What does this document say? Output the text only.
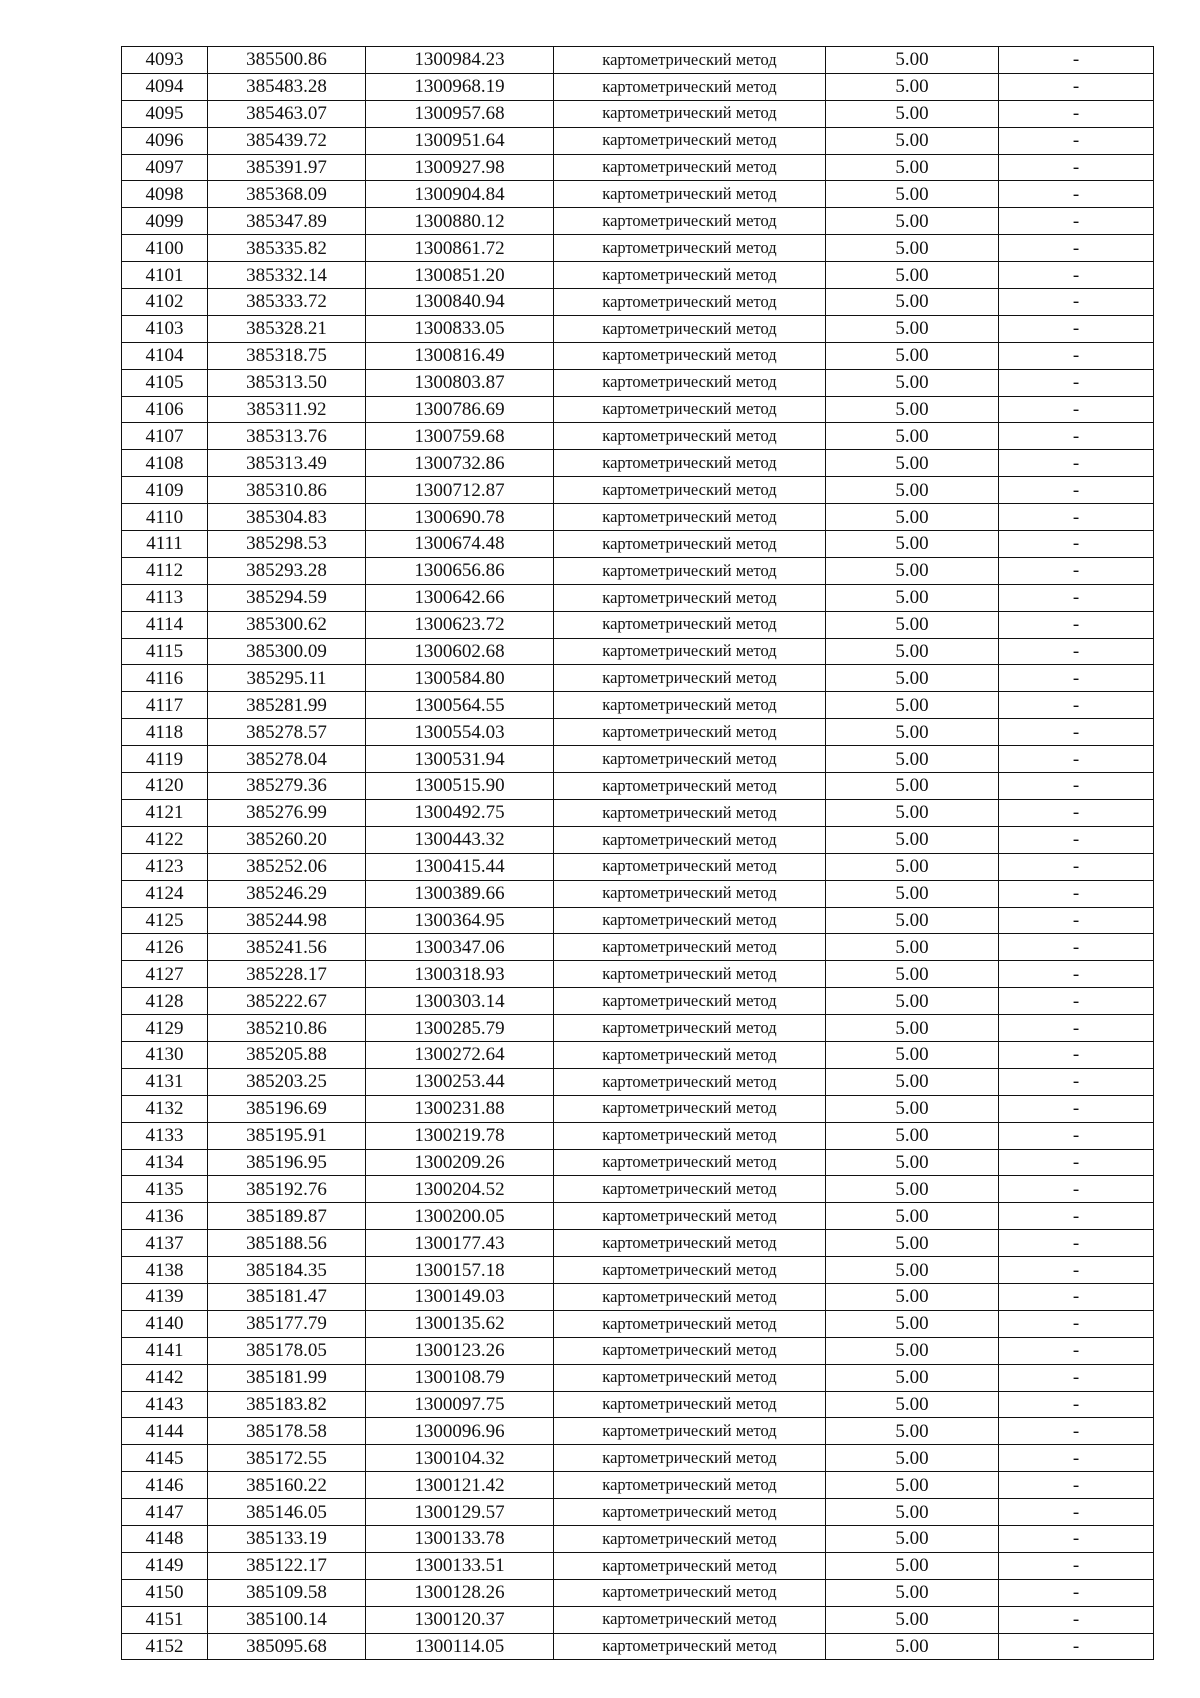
4093	385500.86	1300984.23	картометрический метод	5.00	-
4094	385483.28	1300968.19	картометрический метод	5.00	-
4095	385463.07	1300957.68	картометрический метод	5.00	-
4096	385439.72	1300951.64	картометрический метод	5.00	-
4097	385391.97	1300927.98	картометрический метод	5.00	-
4098	385368.09	1300904.84	картометрический метод	5.00	-
4099	385347.89	1300880.12	картометрический метод	5.00	-
4100	385335.82	1300861.72	картометрический метод	5.00	-
4101	385332.14	1300851.20	картометрический метод	5.00	-
4102	385333.72	1300840.94	картометрический метод	5.00	-
4103	385328.21	1300833.05	картометрический метод	5.00	-
4104	385318.75	1300816.49	картометрический метод	5.00	-
4105	385313.50	1300803.87	картометрический метод	5.00	-
4106	385311.92	1300786.69	картометрический метод	5.00	-
4107	385313.76	1300759.68	картометрический метод	5.00	-
4108	385313.49	1300732.86	картометрический метод	5.00	-
4109	385310.86	1300712.87	картометрический метод	5.00	-
4110	385304.83	1300690.78	картометрический метод	5.00	-
4111	385298.53	1300674.48	картометрический метод	5.00	-
4112	385293.28	1300656.86	картометрический метод	5.00	-
4113	385294.59	1300642.66	картометрический метод	5.00	-
4114	385300.62	1300623.72	картометрический метод	5.00	-
4115	385300.09	1300602.68	картометрический метод	5.00	-
4116	385295.11	1300584.80	картометрический метод	5.00	-
4117	385281.99	1300564.55	картометрический метод	5.00	-
4118	385278.57	1300554.03	картометрический метод	5.00	-
4119	385278.04	1300531.94	картометрический метод	5.00	-
4120	385279.36	1300515.90	картометрический метод	5.00	-
4121	385276.99	1300492.75	картометрический метод	5.00	-
4122	385260.20	1300443.32	картометрический метод	5.00	-
4123	385252.06	1300415.44	картометрический метод	5.00	-
4124	385246.29	1300389.66	картометрический метод	5.00	-
4125	385244.98	1300364.95	картометрический метод	5.00	-
4126	385241.56	1300347.06	картометрический метод	5.00	-
4127	385228.17	1300318.93	картометрический метод	5.00	-
4128	385222.67	1300303.14	картометрический метод	5.00	-
4129	385210.86	1300285.79	картометрический метод	5.00	-
4130	385205.88	1300272.64	картометрический метод	5.00	-
4131	385203.25	1300253.44	картометрический метод	5.00	-
4132	385196.69	1300231.88	картометрический метод	5.00	-
4133	385195.91	1300219.78	картометрический метод	5.00	-
4134	385196.95	1300209.26	картометрический метод	5.00	-
4135	385192.76	1300204.52	картометрический метод	5.00	-
4136	385189.87	1300200.05	картометрический метод	5.00	-
4137	385188.56	1300177.43	картометрический метод	5.00	-
4138	385184.35	1300157.18	картометрический метод	5.00	-
4139	385181.47	1300149.03	картометрический метод	5.00	-
4140	385177.79	1300135.62	картометрический метод	5.00	-
4141	385178.05	1300123.26	картометрический метод	5.00	-
4142	385181.99	1300108.79	картометрический метод	5.00	-
4143	385183.82	1300097.75	картометрический метод	5.00	-
4144	385178.58	1300096.96	картометрический метод	5.00	-
4145	385172.55	1300104.32	картометрический метод	5.00	-
4146	385160.22	1300121.42	картометрический метод	5.00	-
4147	385146.05	1300129.57	картометрический метод	5.00	-
4148	385133.19	1300133.78	картометрический метод	5.00	-
4149	385122.17	1300133.51	картометрический метод	5.00	-
4150	385109.58	1300128.26	картометрический метод	5.00	-
4151	385100.14	1300120.37	картометрический метод	5.00	-
4152	385095.68	1300114.05	картометрический метод	5.00	-
